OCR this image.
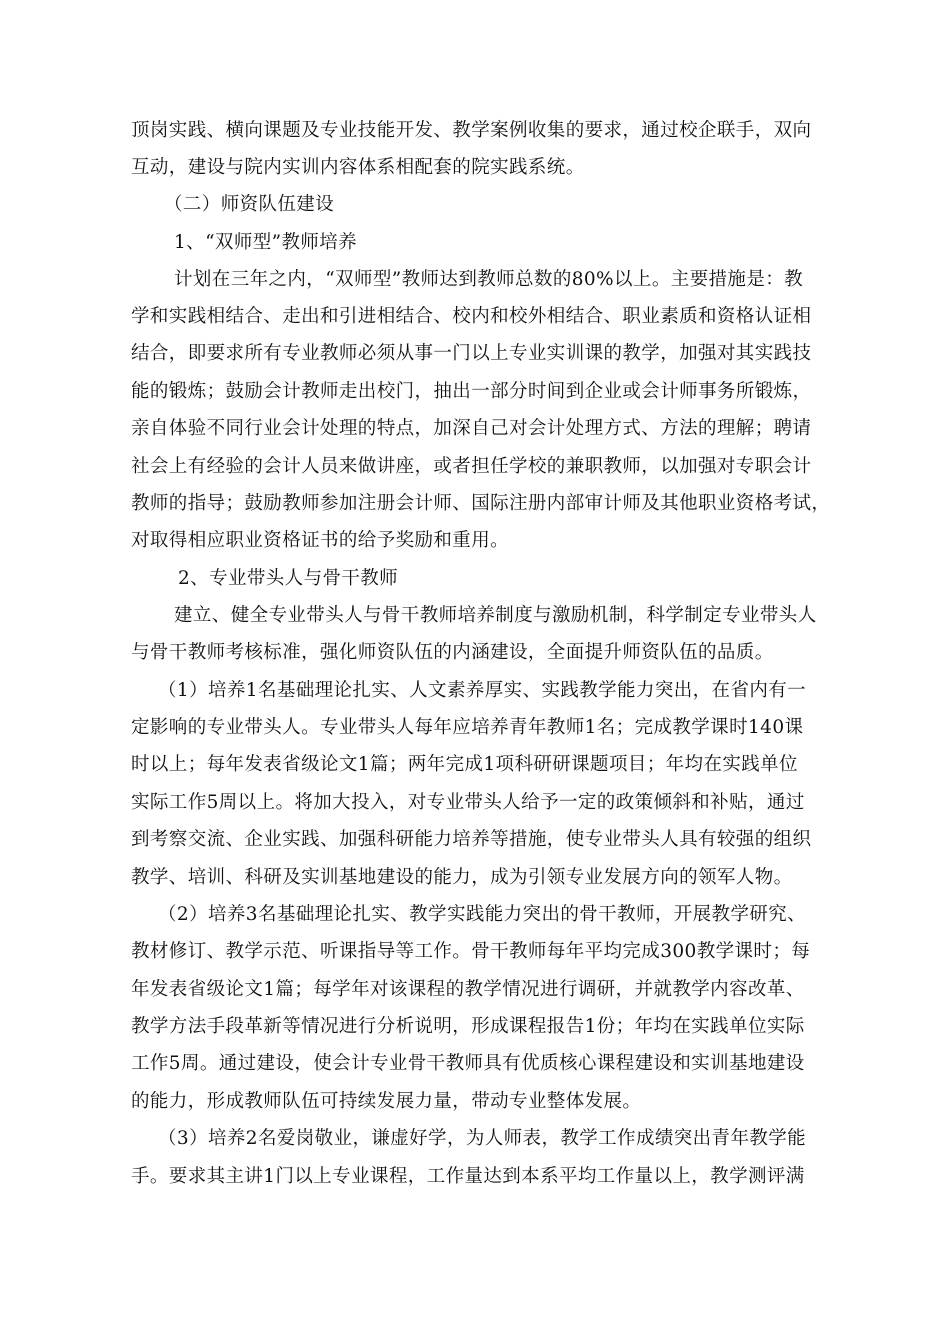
顶岗实践、横向课题及专业技能开发、教学案例收集的要求，通过校企联手，双向
互动，建设与院内实训内容体系相配套的院实践系统。
（二）师资队伍建设
1、“双师型”教师培养
计划在三年之内，“双师型”教师达到教师总数的80%以上。主要措施是：教
学和实践相结合、走出和引进相结合、校内和校外相结合、职业素质和资格认证相
结合，即要求所有专业教师必须从事一门以上专业实训课的教学，加强对其实践技
能的锻炼；鼓励会计教师走出校门，抽出一部分时间到企业或会计师事务所锻炼，
亲自体验不同行业会计处理的特点，加深自己对会计处理方式、方法的理解；聘请
社会上有经验的会计人员来做讲座，或者担任学校的兼职教师，以加强对专职会计
教师的指导；鼓励教师参加注册会计师、国际注册内部审计师及其他职业资格考试，
对取得相应职业资格证书的给予奖励和重用。
2、专业带头人与骨干教师
建立、健全专业带头人与骨干教师培养制度与激励机制，科学制定专业带头人
与骨干教师考核标准，强化师资队伍的内涵建设，全面提升师资队伍的品质。
（1）培养1名基础理论扎实、人文素养厚实、实践教学能力突出，在省内有一
定影响的专业带头人。专业带头人每年应培养青年教师1名；完成教学课时140课
时以上；每年发表省级论文1篇；两年完成1项科研研课题项目；年均在实践单位
实际工作5周以上。将加大投入，对专业带头人给予一定的政策倾斜和补贴，通过
到考察交流、企业实践、加强科研能力培养等措施，使专业带头人具有较强的组织
教学、培训、科研及实训基地建设的能力，成为引领专业发展方向的领军人物。
（2）培养3名基础理论扎实、教学实践能力突出的骨干教师，开展教学研究、
教材修订、教学示范、听课指导等工作。骨干教师每年平均完成300教学课时；每
年发表省级论文1篇；每学年对该课程的教学情况进行调研，并就教学内容改革、
教学方法手段革新等情况进行分析说明，形成课程报告1份；年均在实践单位实际
工作5周。通过建设，使会计专业骨干教师具有优质核心课程建设和实训基地建设
的能力，形成教师队伍可持续发展力量，带动专业整体发展。
（3）培养2名爱岗敬业，谦虚好学，为人师表，教学工作成绩突出青年教学能
手。要求其主讲1门以上专业课程，工作量达到本系平均工作量以上，教学测评满
